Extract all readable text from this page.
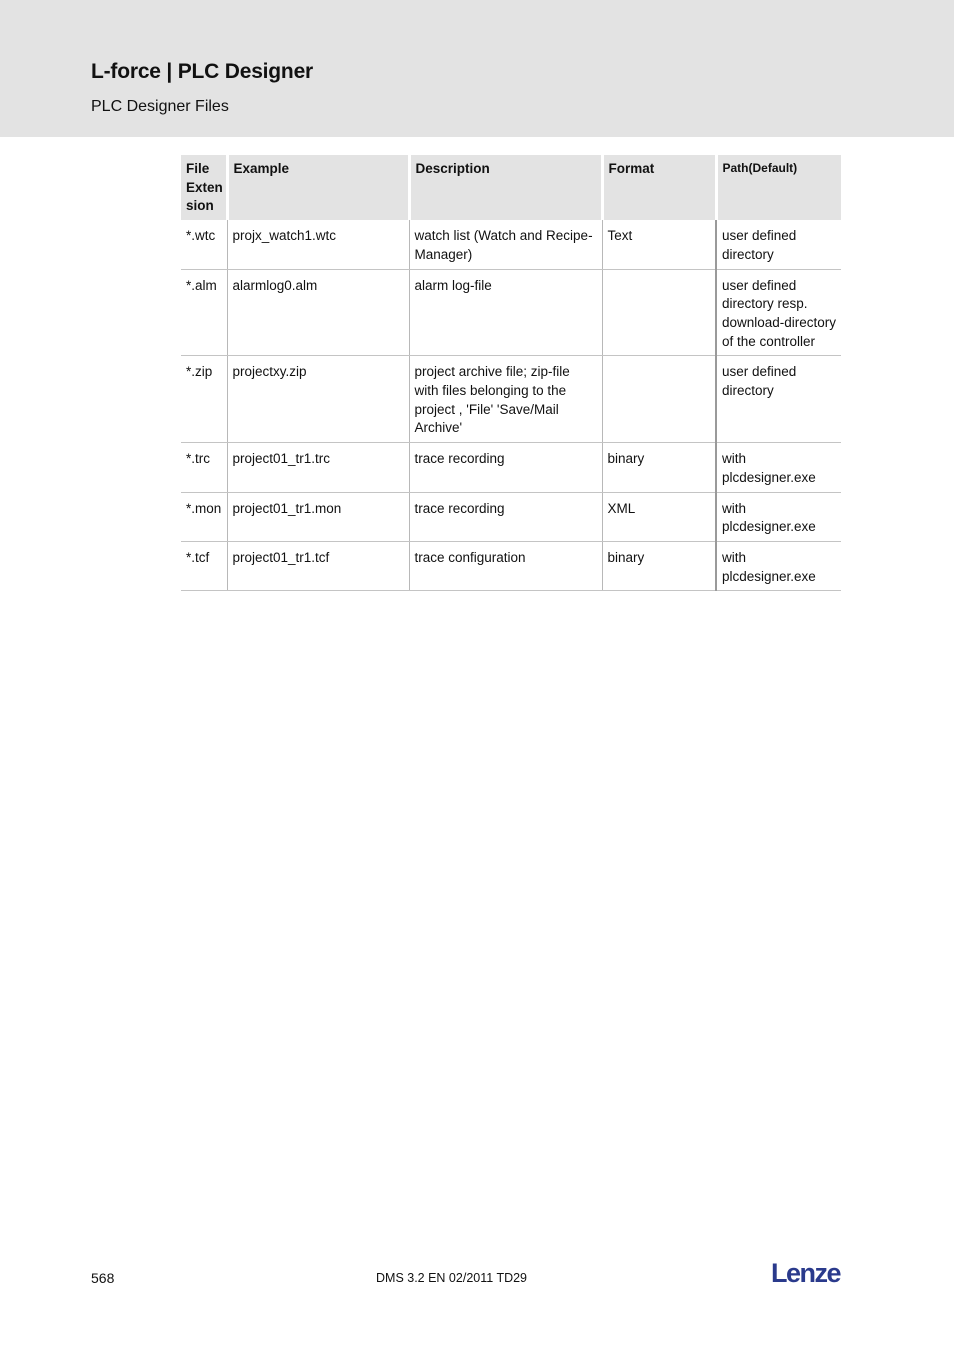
L-force | PLC Designer
PLC Designer Files
File Exten sion	Example	Description	Format	Path(Default)
*.wtc	projx_watch1.wtc	watch list (Watch and Recipe-Manager)	Text	user defined directory
*.alm	alarmlog0.alm	alarm log-file		user defined directory resp. download-directory of the controller
*.zip	projectxy.zip	project archive file; zip-file with files belonging to the project , 'File' 'Save/Mail Archive'		user defined directory
*.trc	project01_tr1.trc	trace recording	binary	with plcdesigner.exe
*.mon	project01_tr1.mon	trace recording	XML	with plcdesigner.exe
*.tcf	project01_tr1.tcf	trace configuration	binary	with plcdesigner.exe
568	DMS 3.2 EN 02/2011 TD29	Lenze
